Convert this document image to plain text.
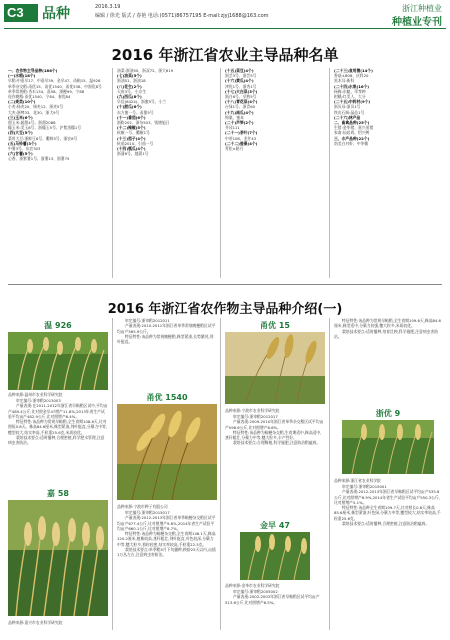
C3	品种	2016.3.19
编辑 / 徐光 版式 / 春艳 电话:(0571)86757195 E-mail:zjyj1688@163.com
浙江种植业
种植业专刊
2016 年浙江省农业主导品种名单

一、农作物主导品种(186个)

(一)水稻(18个)

早稻:中嘉早17、中嘉早39、金早47、甬籼15、温926

单季杂交稻:甬优15、甬优1540、甬优538、中浙优8号

单季常规稻:秀水134、嘉58、浙粳99、宁88

连作晚稻:甬优1540、宁84、春优84

(二)麦类(10个)

小麦:扬麦20、扬麦12、浙麦5号

大麦:浙啤33、花30、浙大9号

(三)玉米(6个)

甜玉米:超甜4号、浙甜2088

糯玉米:美玉8号、浙糯玉5号、沪紫黑糯1号

(四)大豆(5个)

菜用大豆:浙鲜豆8号、衢鲜5号、浙农8号

(五)马铃薯(3个)

中薯3号、东农303

(六)甘薯(5个)

心香、浙紫薯1号、浙薯13、浙薯75

油菜:浙油50、浙双72、浙大619

(七)油菜(5个)

浙油51、浙油18

(八)花生(2个)

天府3号、小京生

(九)西瓜(8个)

早佳(8424)、浙蜜5号、小兰

(十)甜瓜(6个)

东方蜜一号、甬甜5号

(十一)番茄(6个)

浙粉202、浙杂503、钱塘旭日

(十二)辣椒(5个)

杭椒一号、衢椒1号

(十三)茄子(4个)

杭茄2010、引茄一号

(十四)瓠瓜(4个)

浙蒲6号、越蒲1号

(十五)菜豆(4个)

浙芸3号、浙芸5号

(十六)黄瓜(4个)

津优1号、浙秀1号

(十七)大白菜(3个)

浙白6号、早熟5号

(十八)青花菜(4个)

台绿1号、浙青60

(十九)南瓜(4个)

锦栗、蜜本

(二十)芦笋(2个)

井冈111

(二十一)茶叶(7个)

中茶108、龙井43

(二十二)蚕桑(4个)

菁松×皓月

(二十三)食用菌(14个)

香菇:L808、庆科20

黑木耳:新科

(二十四)水果(16个)

杨梅:东魁、荸荠种

柑橘:红美人、大分

(二十五)中药材(9个)

浙贝母:浙贝1号

铁皮石斛:晶品1号

(二十六)林产品

二、畜禽品种(25个)

生猪:金华猪、嘉兴黑猪

家禽:仙居鸡、绍兴鸭

三、水产品种(22个)

南美白对虾、中华鳖

2016 年浙江省农作物主导品种介绍(一)
温 926
品种来源:温州市农业科学研究院

审定编号:浙审稻2013003

产量表现:在2011-2012年浙江省早籼稻区试中,平均亩产489.4公斤,比对照金早47增产11.8%,2013年省生产试验平均亩产482.9公斤,比对照增产6.4%。

特征特性:该品种为常规早籼稻,全生育期108.8天,比对照短0.8天。株高84.6厘米,株型紧凑,剑叶挺直,分蘖力中等,穗型较大,结实率高,千粒重25.6克,米质较优。

栽培技术要点:适时播种,合理密植,科学肥水管理,注意病虫害防治。

嘉 58
品种来源:嘉兴市农业科学研究院

审定编号:浙审稻2012011

产量表现:2010-2011年浙江省单季常规晚粳稻区试平均亩产565.9公斤。

特征特性:该品种为常规晚粳稻,株型紧凑,长势繁茂,剑叶挺直。

甬优 1540
品种来源:宁波市种子有限公司

审定编号:浙审稻2015017

产量表现:2012-2013年浙江省单季籼粳杂交稻区试平均亩产677.4公斤,比对照增产9.8%,2014年省生产试验平均亩产660.1公斤,比对照增产8.7%。

特征特性:该品种为籼粳杂交稻,全生育期146.1天,株高120.2厘米,植株较高,茎秆粗壮,剑叶挺直,叶色较深,分蘖力中等,穗大粒多,着粒较密,结实率较高,千粒重22.5克。

栽培技术要点:单季稻5月下旬播种,秧龄25天以内,亩插1万丛左右,注意病虫害防治。

甬优 15
品种来源:宁波市农业科学研究院

审定编号:浙审稻2012017

产量表现:2009-2010年浙江省单季杂交稻区试平均亩产598.6公斤,比对照增产8.6%。

特征特性:该品种为籼粳杂交稻,生育期适中,株高适中,茎秆粗壮,分蘖力中等,穗大粒多,丰产性好。

栽培技术要点:合理稀植,科学施肥,注意防治稻瘟病。

金早 47
品种来源:金华市农业科学研究院

审定编号:浙审稻2005002

产量表现:2002-2003年浙江省早籼稻区试平均亩产513.6公斤,比对照增产6.5%。

特征特性:该品种为常规早籼稻,全生育期109.6天,株高84.6厘米,株型适中,分蘖力较强,穗大粒多,米质较优。

栽培技术要点:适时播种,培育壮秧,科学施肥,注意病虫害防治。

浙优 9
品种来源:浙江省农业科学院

审定编号:浙审稻2015001

产量表现:2012-2013年浙江省早籼稻区试平均亩产535.8公斤,比对照增产6.9%,2014年省生产试验平均亩产550.3公斤,比对照增产5.1%。

特征特性:该品种全生育期109.7天,比对照长0.8天,株高85.6厘米,株型紧凑,叶色绿,分蘖力中等,穗型较大,结实率较高,千粒重25.6克。

栽培技术要点:适时播种,合理密植,注意防治稻瘟病。
